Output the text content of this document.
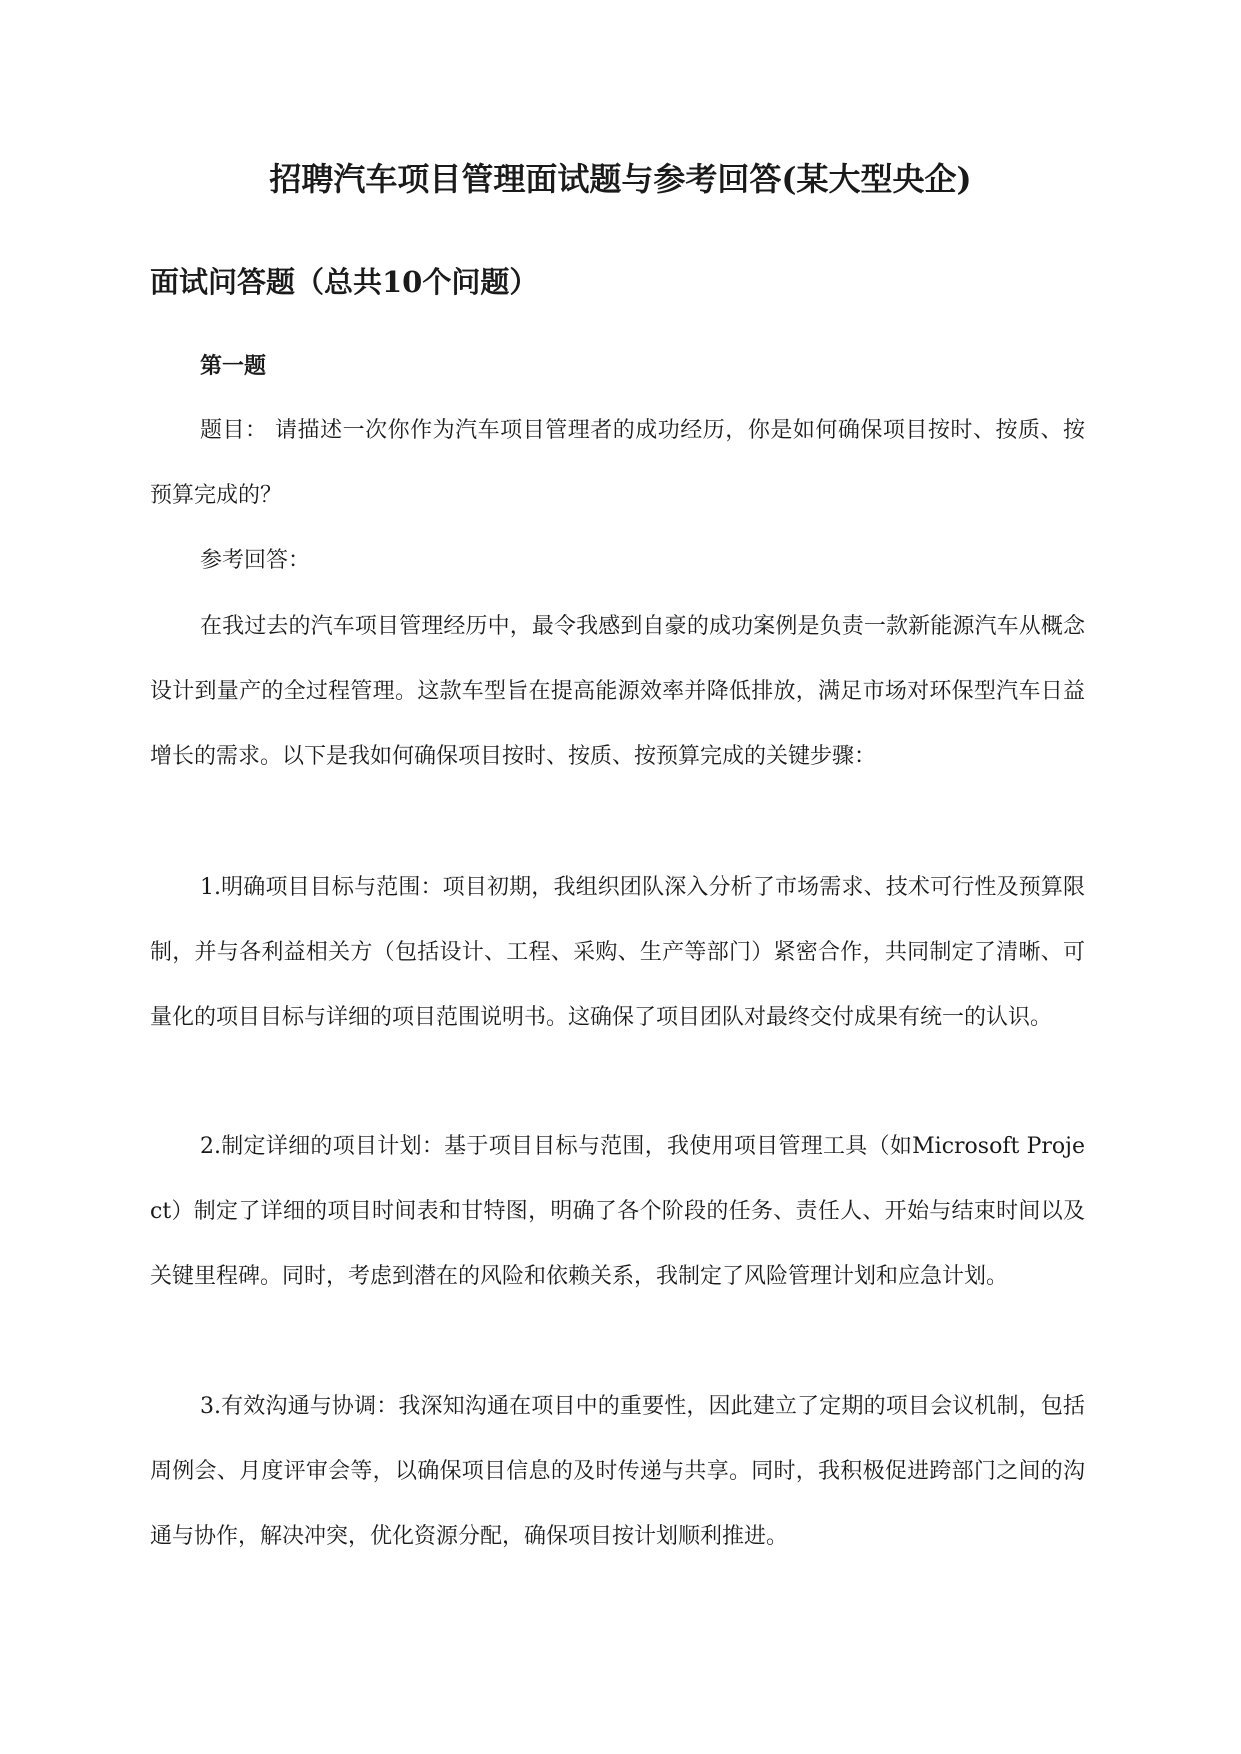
招聘汽车项目管理面试题与参考回答(某大型央企)
面试问答题（总共10个问题）
第一题

题目： 请描述一次你作为汽车项目管理者的成功经历，你是如何确保项目按时、按质、按预算完成的？

参考回答：

在我过去的汽车项目管理经历中，最令我感到自豪的成功案例是负责一款新能源汽车从概念设计到量产的全过程管理。这款车型旨在提高能源效率并降低排放，满足市场对环保型汽车日益增长的需求。以下是我如何确保项目按时、按质、按预算完成的关键步骤：

1.明确项目目标与范围：项目初期，我组织团队深入分析了市场需求、技术可行性及预算限制，并与各利益相关方（包括设计、工程、采购、生产等部门）紧密合作，共同制定了清晰、可量化的项目目标与详细的项目范围说明书。这确保了项目团队对最终交付成果有统一的认识。

2.制定详细的项目计划：基于项目目标与范围，我使用项目管理工具（如Microsoft Project）制定了详细的项目时间表和甘特图，明确了各个阶段的任务、责任人、开始与结束时间以及关键里程碑。同时，考虑到潜在的风险和依赖关系，我制定了风险管理计划和应急计划。

3.有效沟通与协调：我深知沟通在项目中的重要性，因此建立了定期的项目会议机制，包括周例会、月度评审会等，以确保项目信息的及时传递与共享。同时，我积极促进跨部门之间的沟通与协作，解决冲突，优化资源分配，确保项目按计划顺利推进。
